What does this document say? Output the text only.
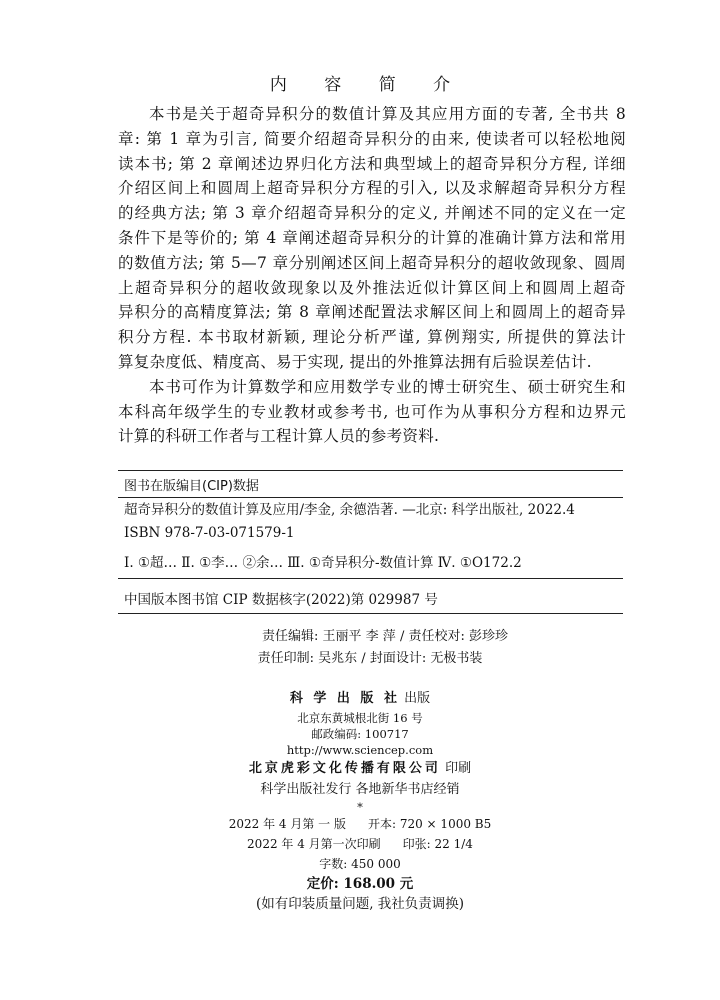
内 容 简 介
本书是关于超奇异积分的数值计算及其应用方面的专著, 全书共 8
章: 第 1 章为引言, 简要介绍超奇异积分的由来, 使读者可以轻松地阅
读本书; 第 2 章阐述边界归化方法和典型域上的超奇异积分方程, 详细
介绍区间上和圆周上超奇异积分方程的引入, 以及求解超奇异积分方程
的经典方法; 第 3 章介绍超奇异积分的定义, 并阐述不同的定义在一定
条件下是等价的; 第 4 章阐述超奇异积分的计算的准确计算方法和常用
的数值方法; 第 5—7 章分别阐述区间上超奇异积分的超收敛现象、圆周
上超奇异积分的超收敛现象以及外推法近似计算区间上和圆周上超奇
异积分的高精度算法; 第 8 章阐述配置法求解区间上和圆周上的超奇异
积分方程. 本书取材新颖, 理论分析严谨, 算例翔实, 所提供的算法计
算复杂度低、精度高、易于实现, 提出的外推算法拥有后验误差估计.
本书可作为计算数学和应用数学专业的博士研究生、硕士研究生和
本科高年级学生的专业教材或参考书, 也可作为从事积分方程和边界元
计算的科研工作者与工程计算人员的参考资料.
图书在版编目(CIP)数据
超奇异积分的数值计算及应用/李金, 余德浩著. —北京: 科学出版社, 2022.4
ISBN 978-7-03-071579-1
Ⅰ. ①超… Ⅱ. ①李… ②余… Ⅲ. ①奇异积分-数值计算 Ⅳ. ①O172.2
中国版本图书馆 CIP 数据核字(2022)第 029987 号
责任编辑: 王丽平 李 萍 / 责任校对: 彭珍珍
责任印制: 吴兆东 / 封面设计: 无极书装
科 学 出 版 社 出版
北京东黄城根北街 16 号
邮政编码: 100717
http://www.sciencep.com
北京虎彩文化传播有限公司 印刷
科学出版社发行 各地新华书店经销
*
2022 年 4 月第 一 版 开本: 720 × 1000 B5
2022 年 4 月第一次印刷 印张: 22 1/4
字数: 450 000
定价: 168.00 元
(如有印装质量问题, 我社负责调换)
